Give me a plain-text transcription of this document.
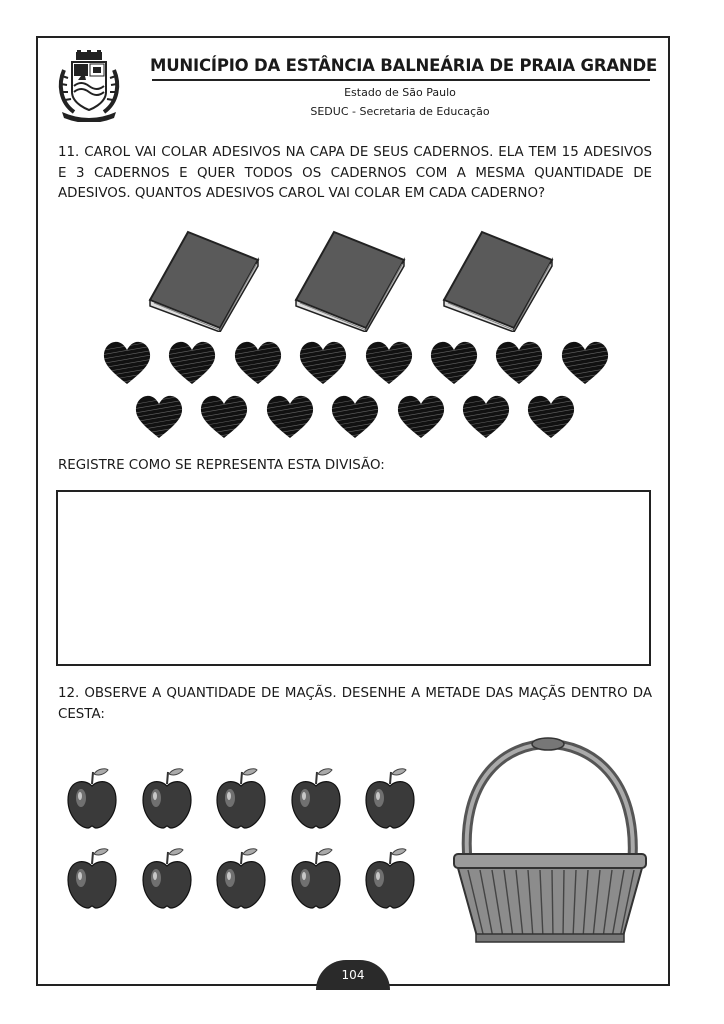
MUNICÍPIO DA ESTÂNCIA BALNEÁRIA DE PRAIA GRANDE
Estado de São Paulo
SEDUC - Secretaria de Educação
11. CAROL VAI COLAR ADESIVOS NA CAPA DE SEUS CADERNOS. ELA TEM 15 ADESIVOS E 3 CADERNOS E QUER TODOS OS CADERNOS COM A MESMA QUANTIDADE DE ADESIVOS. QUANTOS ADESIVOS CAROL VAI COLAR EM CADA CADERNO?
REGISTRE COMO SE REPRESENTA ESTA DIVISÃO:
12. OBSERVE A QUANTIDADE DE MAÇÃS. DESENHE A METADE DAS MAÇÃS DENTRO DA CESTA:
104
